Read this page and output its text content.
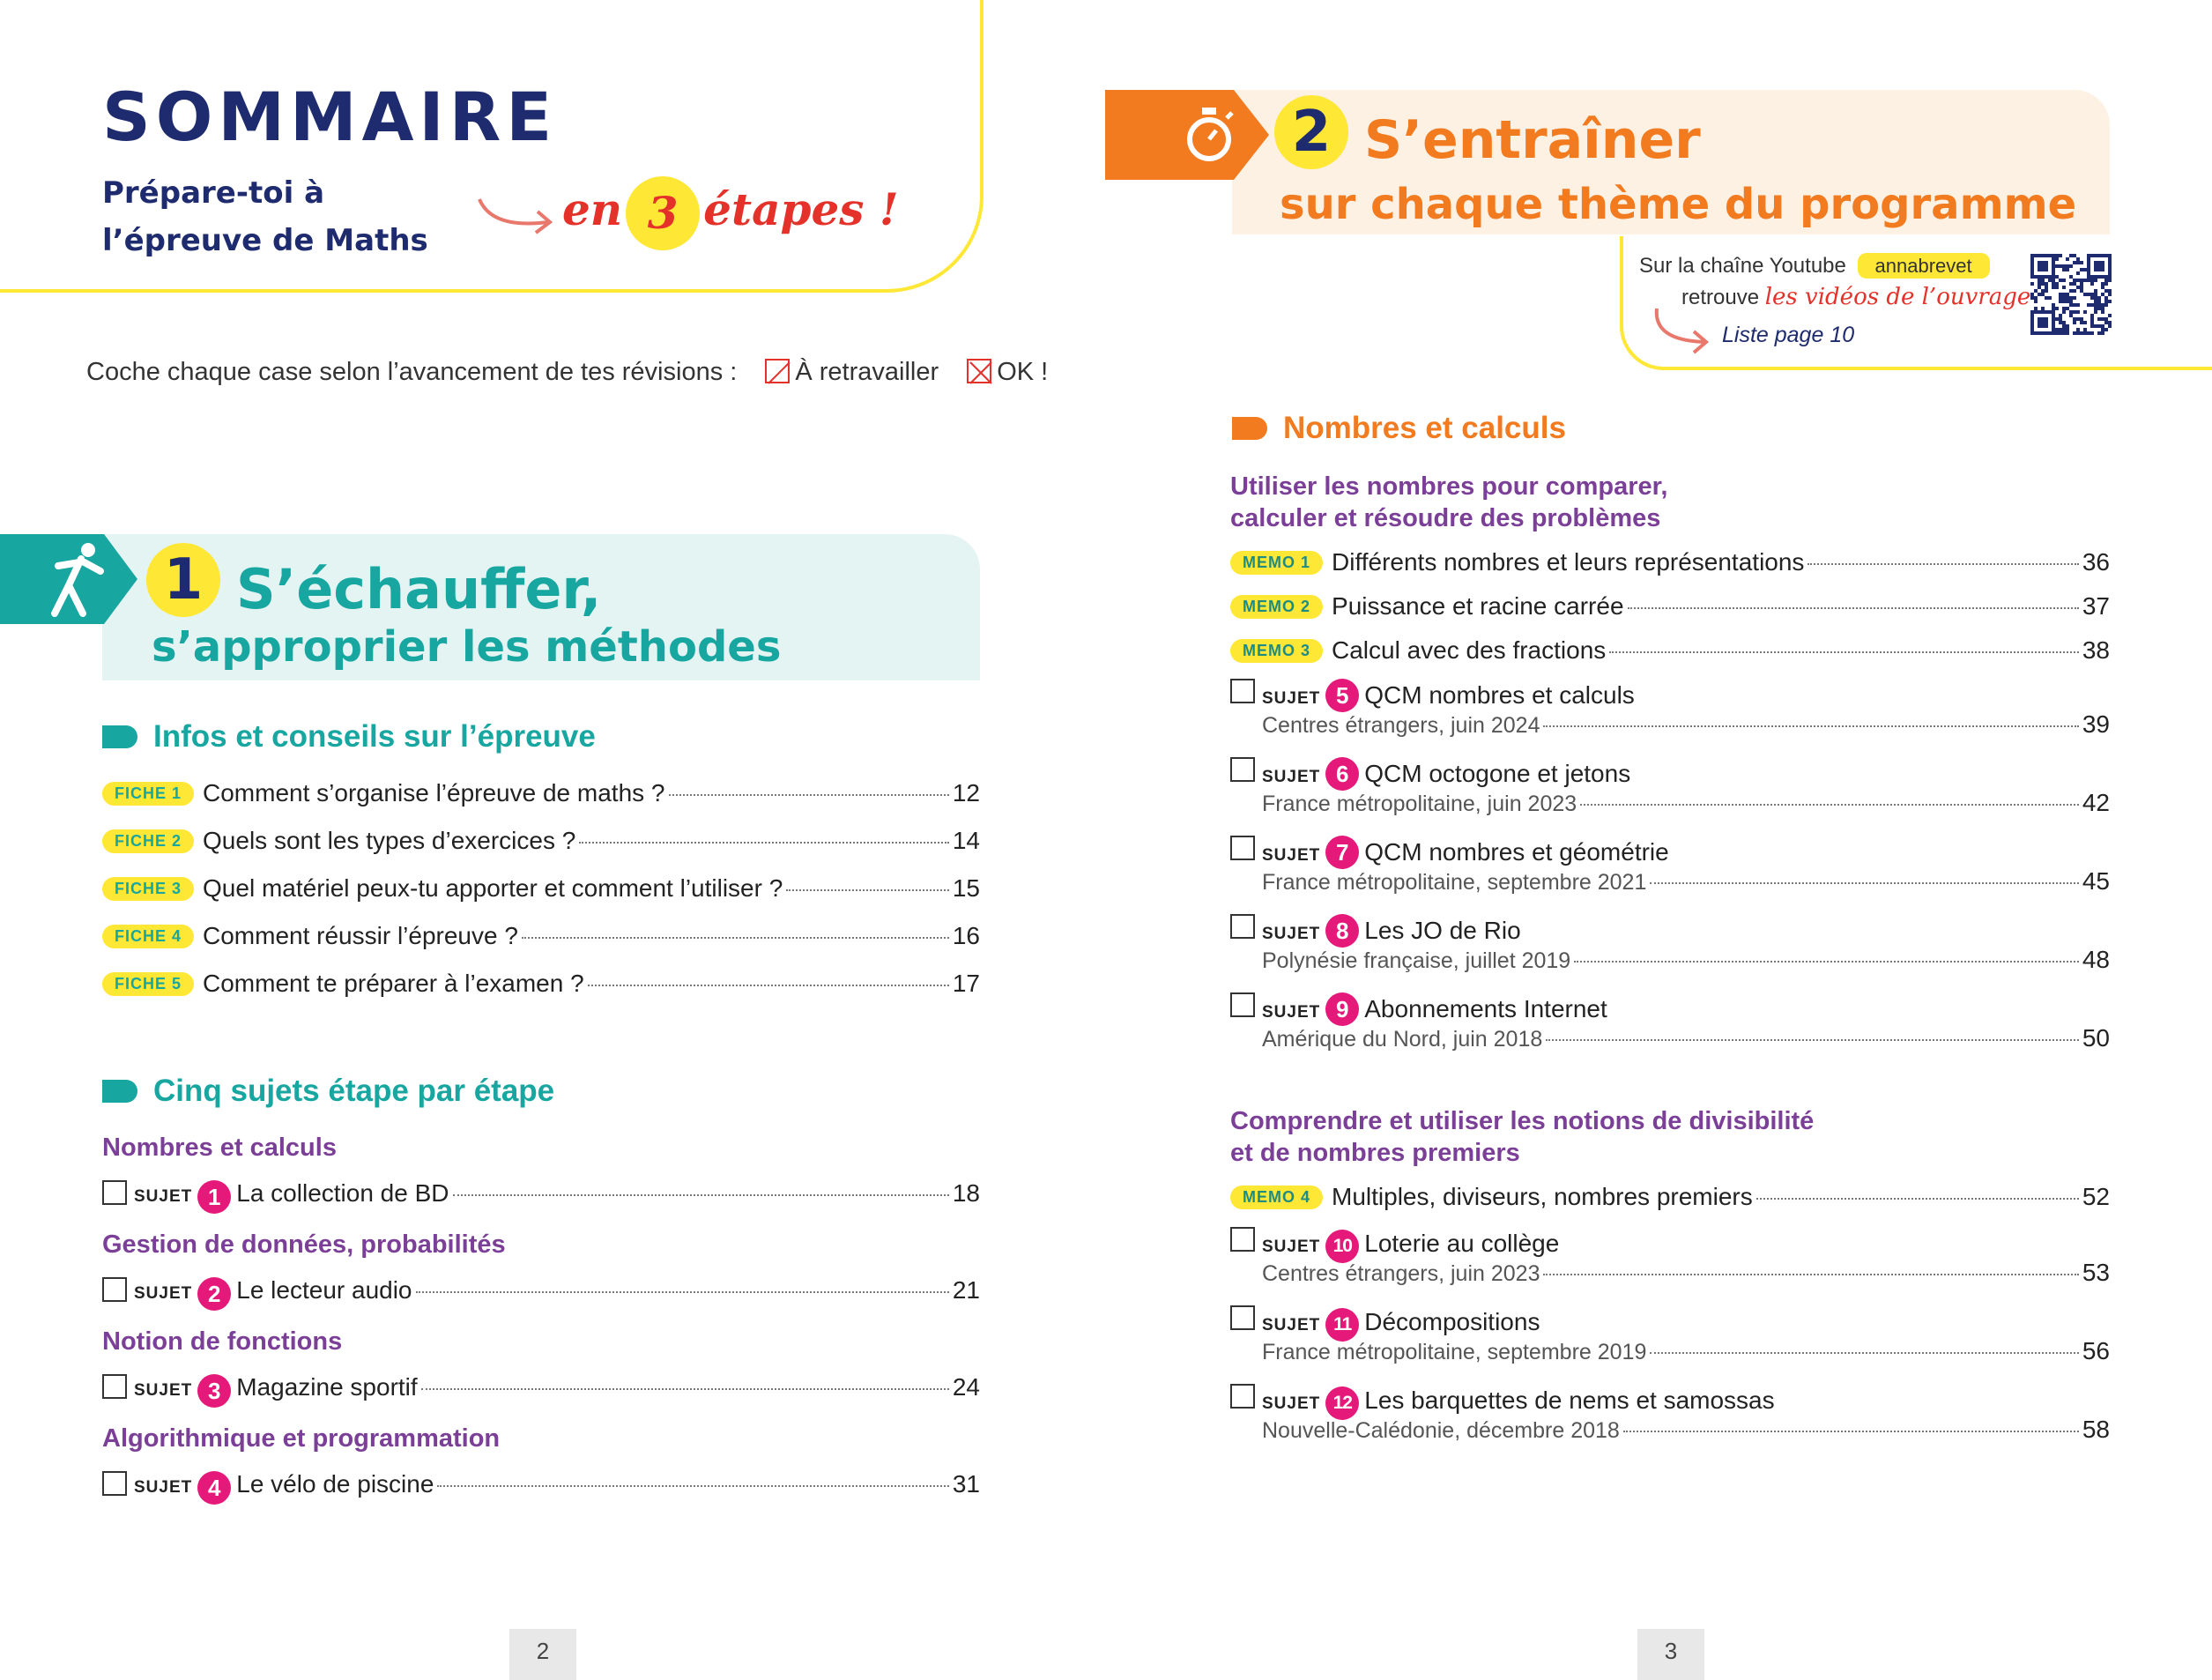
SOMMAIRE
Prépare-toi à l’épreuve de Maths
en 3 étapes !
Coche chaque case selon l’avancement de tes révisions : À retravailler OK !
1 S’échauffer,
s’approprier les méthodes
Infos et conseils sur l’épreuve
FICHE 1 Comment s’organise l’épreuve de maths ?	12
FICHE 2 Quels sont les types d’exercices ?	14
FICHE 3 Quel matériel peux-tu apporter et comment l’utiliser ?	15
FICHE 4 Comment réussir l’épreuve ?	16
FICHE 5 Comment te préparer à l’examen ?	17
Cinq sujets étape par étape
Nombres et calculs
SUJET 1 La collection de BD	18
Gestion de données, probabilités
SUJET 2 Le lecteur audio	21
Notion de fonctions
SUJET 3 Magazine sportif	24
Algorithmique et programmation
SUJET 4 Le vélo de piscine	31
2
2 S’entraîner
sur chaque thème du programme
Sur la chaîne Youtube annabrevet
retrouve les vidéos de l’ouvrage
Liste page 10
Nombres et calculs
Utiliser les nombres pour comparer,
calculer et résoudre des problèmes
MEMO 1 Différents nombres et leurs représentations	36
MEMO 2 Puissance et racine carrée	37
MEMO 3 Calcul avec des fractions	38
SUJET 5 QCM nombres et calculs
Centres étrangers, juin 2024	39
SUJET 6 QCM octogone et jetons
France métropolitaine, juin 2023	42
SUJET 7 QCM nombres et géométrie
France métropolitaine, septembre 2021	45
SUJET 8 Les JO de Rio
Polynésie française, juillet 2019	48
SUJET 9 Abonnements Internet
Amérique du Nord, juin 2018	50
Comprendre et utiliser les notions de divisibilité
et de nombres premiers
MEMO 4 Multiples, diviseurs, nombres premiers	52
SUJET 10 Loterie au collège
Centres étrangers, juin 2023	53
SUJET 11 Décompositions
France métropolitaine, septembre 2019	56
SUJET 12 Les barquettes de nems et samossas
Nouvelle-Calédonie, décembre 2018	58
3
